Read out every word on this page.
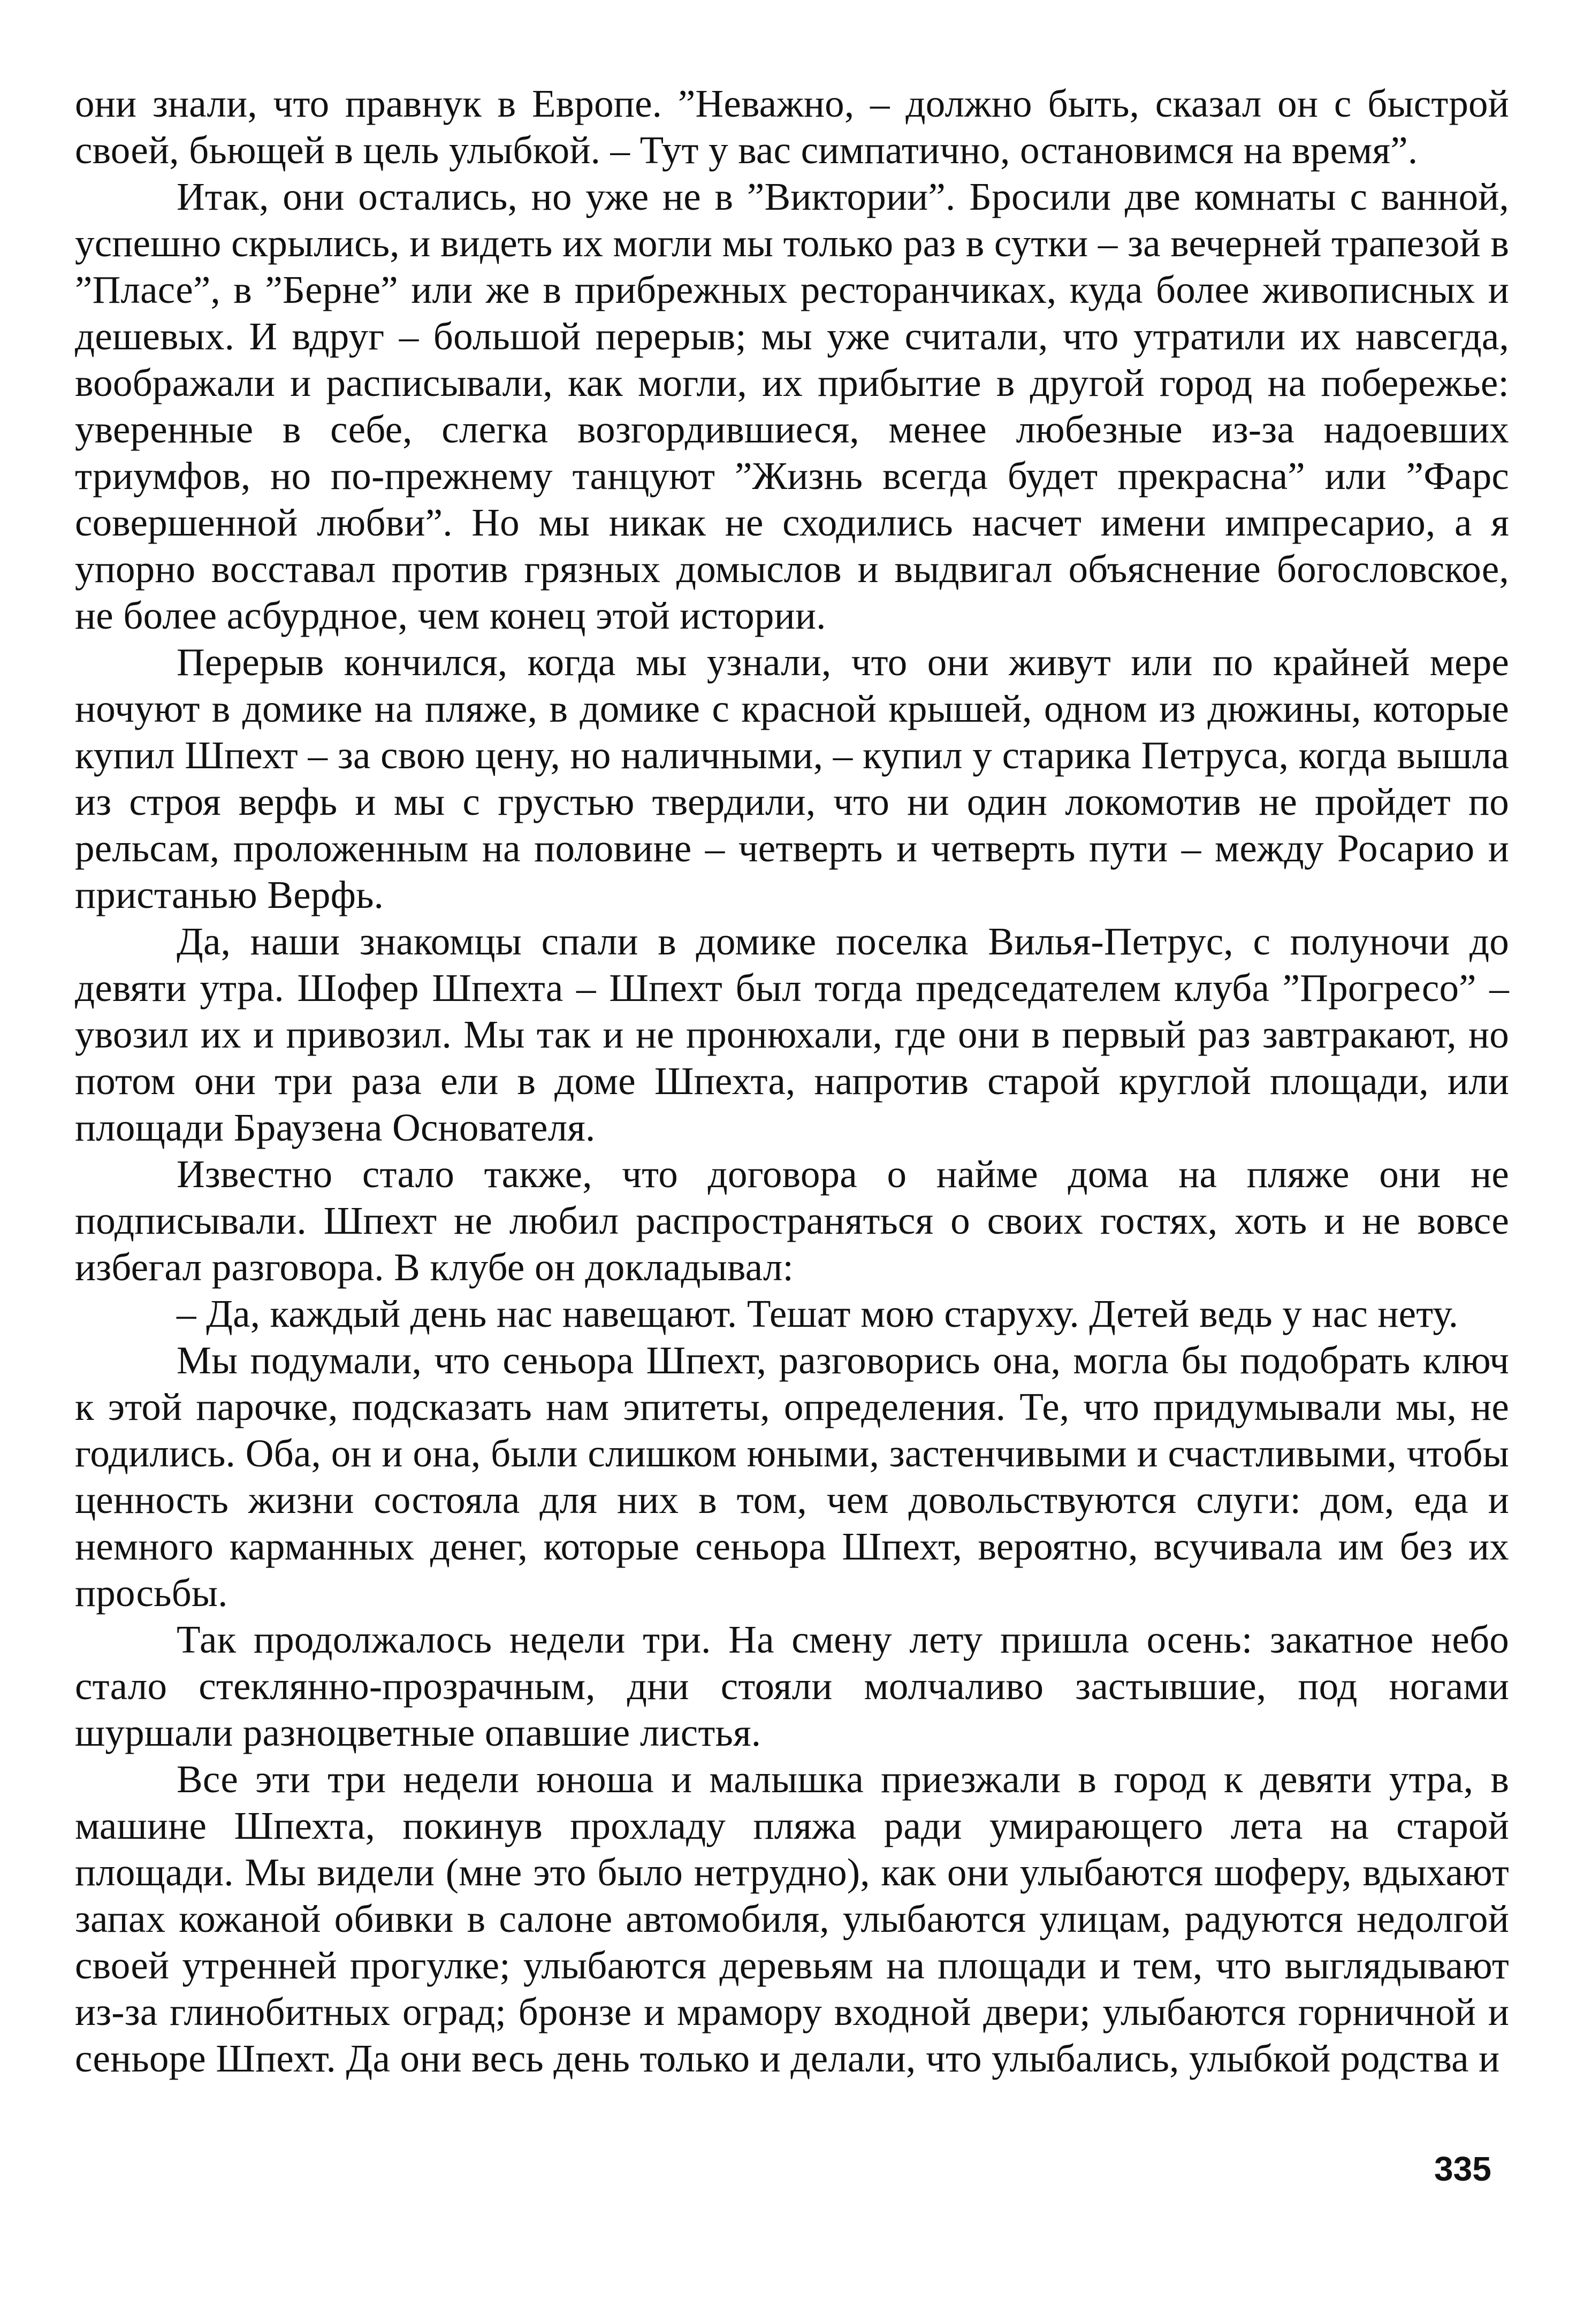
они знали, что правнук в Европе. ”Неважно, – должно быть, сказал он с быстрой своей, бьющей в цель улыбкой. – Тут у вас симпатично, остановимся на время”.

Итак, они остались, но уже не в ”Виктории”. Бросили две комнаты с ванной, успешно скрылись, и видеть их могли мы только раз в сутки – за вечерней трапезой в ”Пласе”, в ”Берне” или же в прибрежных ресторанчиках, куда более живописных и дешевых. И вдруг – большой перерыв; мы уже считали, что утратили их навсегда, воображали и расписывали, как могли, их прибытие в другой город на побережье: уверенные в себе, слегка возгордившиеся, менее любезные из-за надоевших триумфов, но по-прежнему танцуют ”Жизнь всегда будет прекрасна” или ”Фарс совершенной любви”. Но мы никак не сходились насчет имени импресарио, а я упорно восставал против грязных домыслов и выдвигал объяснение богословское, не более асбурдное, чем конец этой истории.

Перерыв кончился, когда мы узнали, что они живут или по крайней мере ночуют в домике на пляже, в домике с красной крышей, одном из дюжины, которые купил Шпехт – за свою цену, но наличными, – купил у старика Петруса, когда вышла из строя верфь и мы с грустью твердили, что ни один локомотив не пройдет по рельсам, проложенным на половине – четверть и четверть пути – между Росарио и пристанью Верфь.

Да, наши знакомцы спали в домике поселка Вилья-Петрус, с полуночи до девяти утра. Шофер Шпехта – Шпехт был тогда председателем клуба ”Прогресо” – увозил их и привозил. Мы так и не пронюхали, где они в первый раз завтракают, но потом они три раза ели в доме Шпехта, напротив старой круглой площади, или площади Браузена Основателя.

Известно стало также, что договора о найме дома на пляже они не подписывали. Шпехт не любил распространяться о своих гостях, хоть и не вовсе избегал разговора. В клубе он докладывал:

– Да, каждый день нас навещают. Тешат мою старуху. Детей ведь у нас нету.

Мы подумали, что сеньора Шпехт, разговорись она, могла бы подобрать ключ к этой парочке, подсказать нам эпитеты, определения. Те, что придумывали мы, не годились. Оба, он и она, были слишком юными, застенчивыми и счастливыми, чтобы ценность жизни состояла для них в том, чем довольствуются слуги: дом, еда и немного карманных денег, которые сеньора Шпехт, вероятно, всучивала им без их просьбы.

Так продолжалось недели три. На смену лету пришла осень: закатное небо стало стеклянно-прозрачным, дни стояли молчаливо застывшие, под ногами шуршали разноцветные опавшие листья.

Все эти три недели юноша и малышка приезжали в город к девяти утра, в машине Шпехта, покинув прохладу пляжа ради умирающего лета на старой площади. Мы видели (мне это было нетрудно), как они улыбаются шоферу, вдыхают запах кожаной обивки в салоне автомобиля, улыбаются улицам, радуются недолгой своей утренней прогулке; улыбаются деревьям на площади и тем, что выглядывают из-за глинобитных оград; бронзе и мрамору входной двери; улыбаются горничной и сеньоре Шпехт. Да они весь день только и делали, что улыбались, улыбкой родства и

335
